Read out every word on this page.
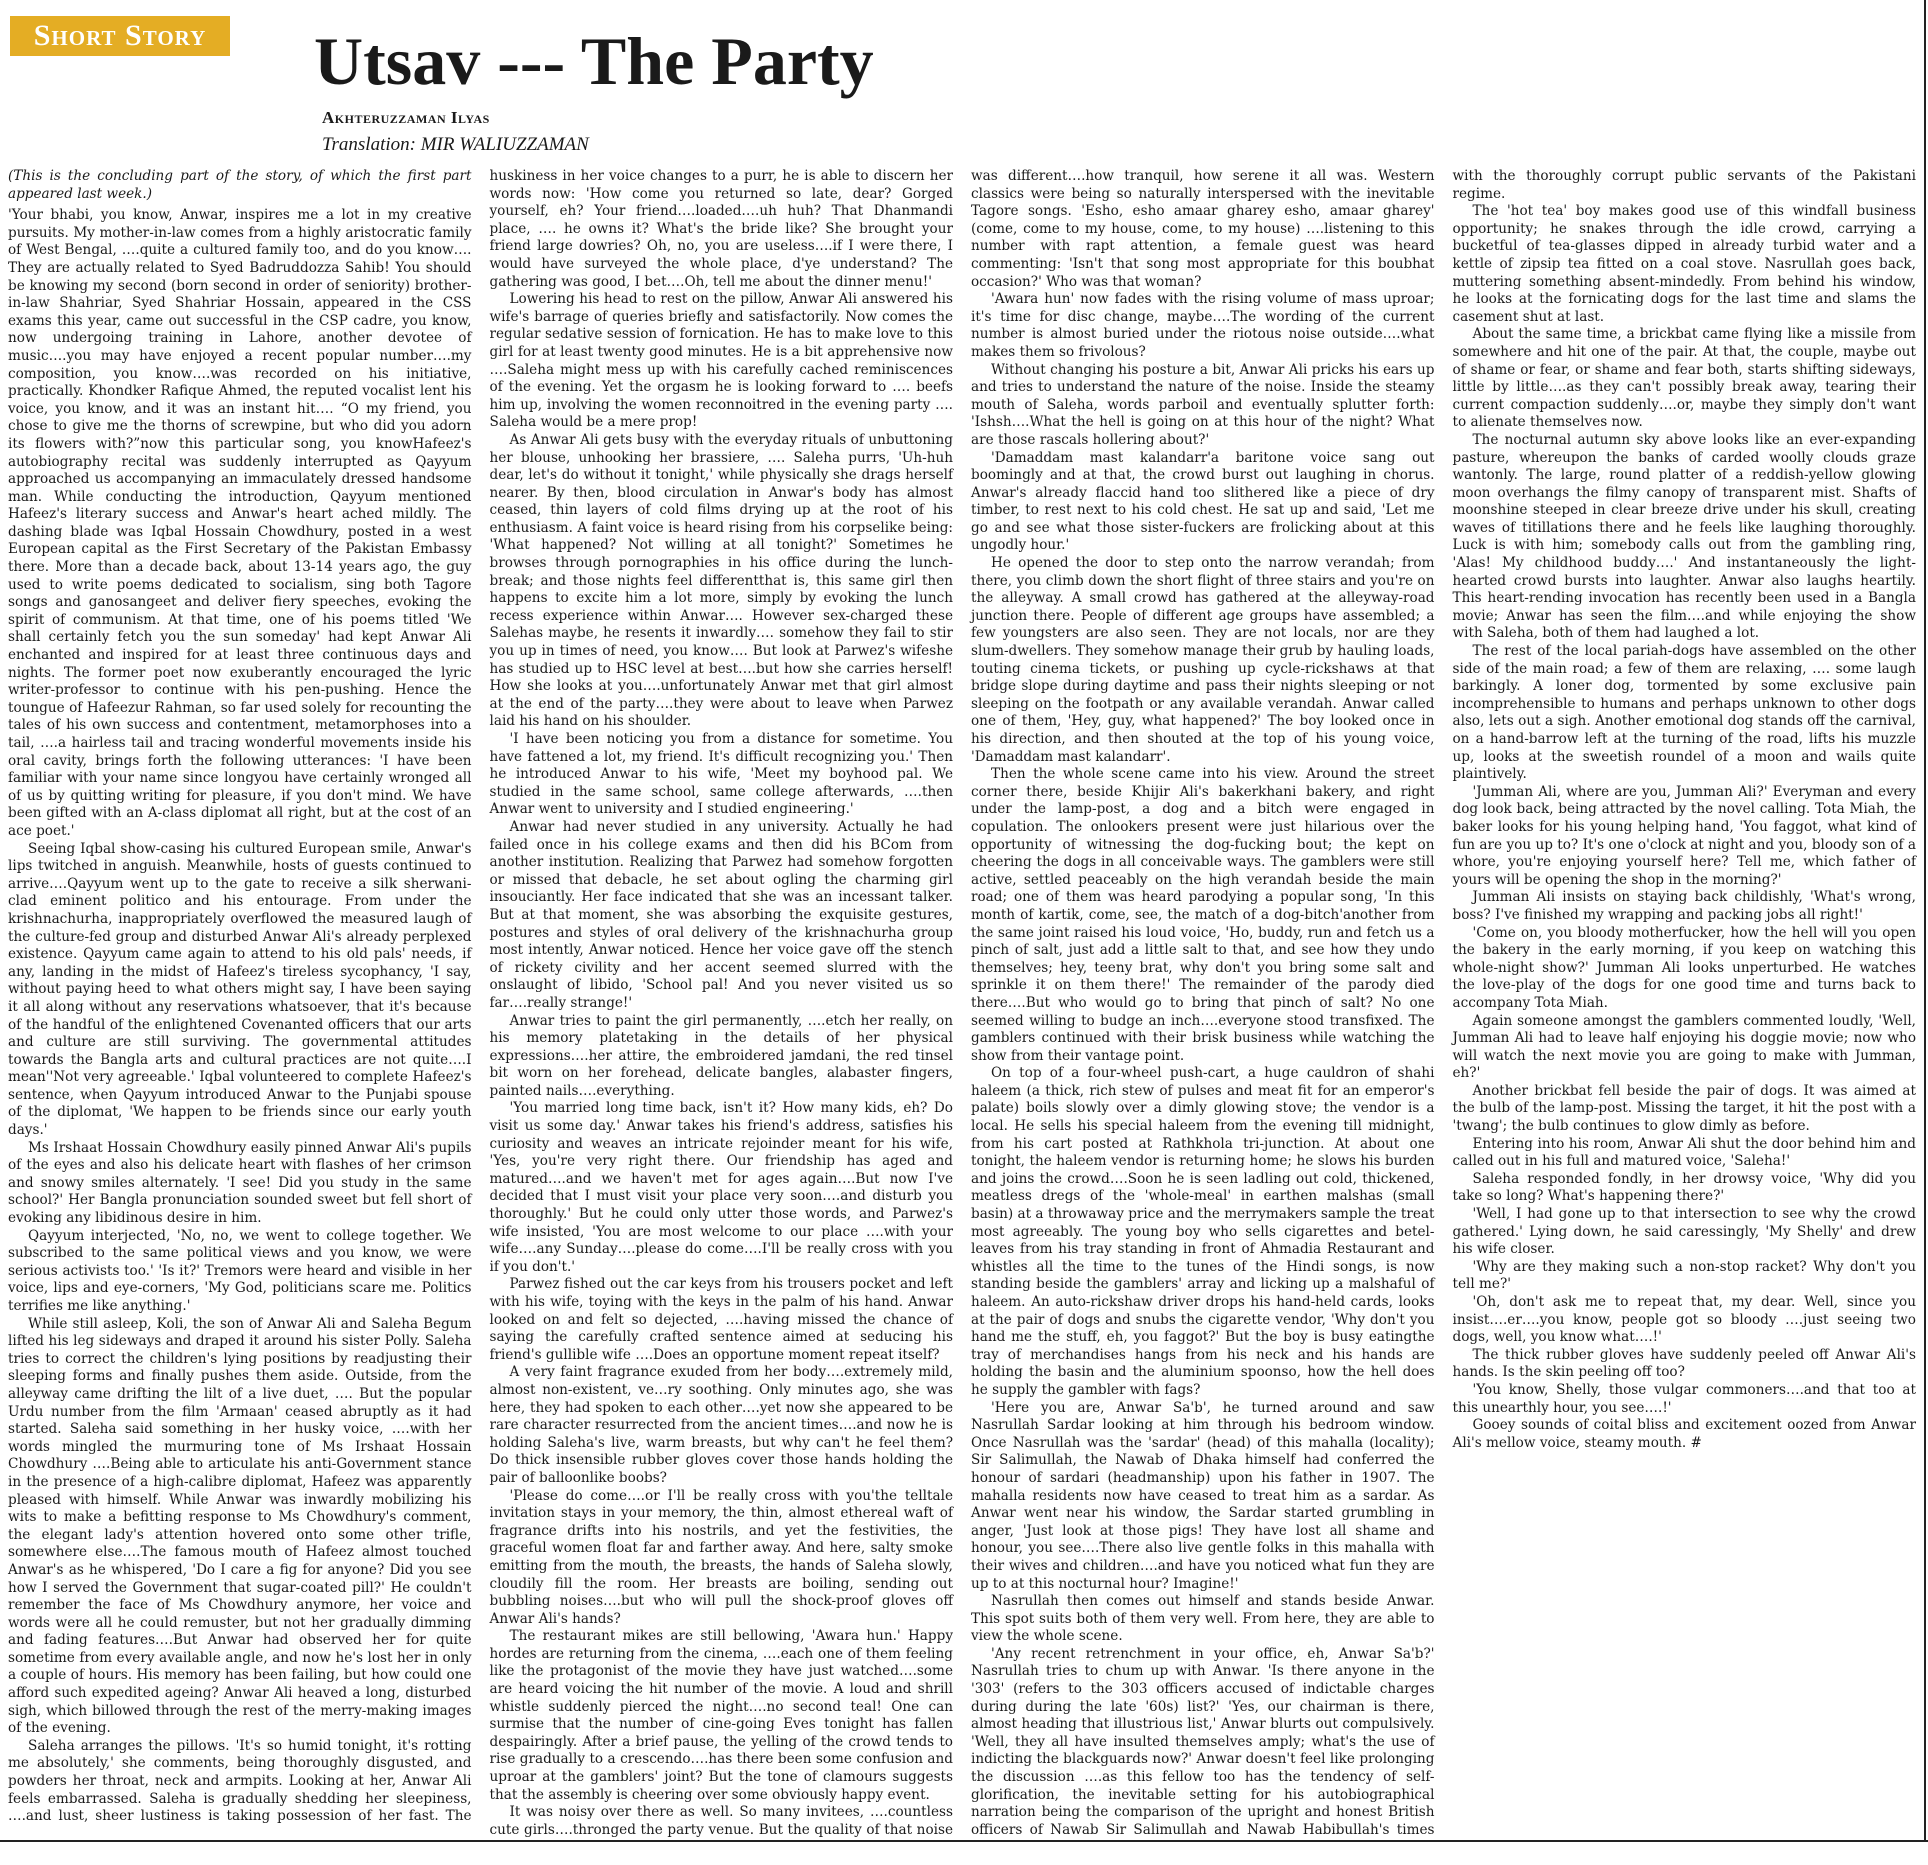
Short Story	Utsav --- The Party
Akhteruzzaman Ilyas
Translation: MIR WALIUZZAMAN

(This is the concluding part of the story, of which the first part appeared last week.)

'Your bhabi, you know, Anwar, inspires me a lot in my creative pursuits. My mother-in-law comes from a highly aristocratic family of West Bengal, ….quite a cultured family too, and do you know…. They are actually related to Syed Badruddozza Sahib! You should be knowing my second (born second in order of seniority) brother-in-law Shahriar, Syed Shahriar Hossain, appeared in the CSS exams this year, came out successful in the CSP cadre, you know, now undergoing training in Lahore, another devotee of music….you may have enjoyed a recent popular number….my composition, you know….was recorded on his initiative, practically. Khondker Rafique Ahmed, the reputed vocalist lent his voice, you know, and it was an instant hit…. “O my friend, you chose to give me the thorns of screwpine, but who did you adorn its flowers with?”now this particular song, you knowHafeez's autobiography recital was suddenly interrupted as Qayyum approached us accompanying an immaculately dressed handsome man. While conducting the introduction, Qayyum mentioned Hafeez's literary success and Anwar's heart ached mildly. The dashing blade was Iqbal Hossain Chowdhury, posted in a west European capital as the First Secretary of the Pakistan Embassy there. More than a decade back, about 13-14 years ago, the guy used to write poems dedicated to socialism, sing both Tagore songs and ganosangeet and deliver fiery speeches, evoking the spirit of communism. At that time, one of his poems titled 'We shall certainly fetch you the sun someday' had kept Anwar Ali enchanted and inspired for at least three continuous days and nights. The former poet now exuberantly encouraged the lyric writer-professor to continue with his pen-pushing. Hence the toungue of Hafeezur Rahman, so far used solely for recounting the tales of his own success and contentment, metamorphoses into a tail, ….a hairless tail and tracing wonderful movements inside his oral cavity, brings forth the following utterances: 'I have been familiar with your name since longyou have certainly wronged all of us by quitting writing for pleasure, if you don't mind. We have been gifted with an A-class diplomat all right, but at the cost of an ace poet.'

Seeing Iqbal show-casing his cultured European smile, Anwar's lips twitched in anguish. Meanwhile, hosts of guests continued to arrive….Qayyum went up to the gate to receive a silk sherwani-clad eminent politico and his entourage. From under the krishnachurha, inappropriately overflowed the measured laugh of the culture-fed group and disturbed Anwar Ali's already perplexed existence. Qayyum came again to attend to his old pals' needs, if any, landing in the midst of Hafeez's tireless sycophancy, 'I say, without paying heed to what others might say, I have been saying it all along without any reservations whatsoever, that it's because of the handful of the enlightened Covenanted officers that our arts and culture are still surviving. The governmental attitudes towards the Bangla arts and cultural practices are not quite….I mean''Not very agreeable.' Iqbal volunteered to complete Hafeez's sentence, when Qayyum introduced Anwar to the Punjabi spouse of the diplomat, 'We happen to be friends since our early youth days.'

Ms Irshaat Hossain Chowdhury easily pinned Anwar Ali's pupils of the eyes and also his delicate heart with flashes of her crimson and snowy smiles alternately. 'I see! Did you study in the same school?' Her Bangla pronunciation sounded sweet but fell short of evoking any libidinous desire in him.

Qayyum interjected, 'No, no, we went to college together. We subscribed to the same political views and you know, we were serious activists too.' 'Is it?' Tremors were heard and visible in her voice, lips and eye-corners, 'My God, politicians scare me. Politics terrifies me like anything.'

While still asleep, Koli, the son of Anwar Ali and Saleha Begum lifted his leg sideways and draped it around his sister Polly. Saleha tries to correct the children's lying positions by readjusting their sleeping forms and finally pushes them aside. Outside, from the alleyway came drifting the lilt of a live duet, …. But the popular Urdu number from the film 'Armaan' ceased abruptly as it had started. Saleha said something in her husky voice, ….with her words mingled the murmuring tone of Ms Irshaat Hossain Chowdhury ….Being able to articulate his anti-Government stance in the presence of a high-calibre diplomat, Hafeez was apparently pleased with himself. While Anwar was inwardly mobilizing his wits to make a befitting response to Ms Chowdhury's comment, the elegant lady's attention hovered onto some other trifle, somewhere else….The famous mouth of Hafeez almost touched Anwar's as he whispered, 'Do I care a fig for anyone? Did you see how I served the Government that sugar-coated pill?' He couldn't remember the face of Ms Chowdhury anymore, her voice and words were all he could remuster, but not her gradually dimming and fading features….But Anwar had observed her for quite sometime from every available angle, and now he's lost her in only a couple of hours. His memory has been failing, but how could one afford such expedited ageing? Anwar Ali heaved a long, disturbed sigh, which billowed through the rest of the merry-making images of the evening.

Saleha arranges the pillows. 'It's so humid tonight, it's rotting me absolutely,' she comments, being thoroughly disgusted, and powders her throat, neck and armpits. Looking at her, Anwar Ali feels embarrassed. Saleha is gradually shedding her sleepiness, ….and lust, sheer lustiness is taking possession of her fast. The huskiness in her voice changes to a purr, he is able to discern her words now: 'How come you returned so late, dear? Gorged yourself, eh? Your friend….loaded….uh huh? That Dhanmandi place, …. he owns it? What's the bride like? She brought your friend large dowries? Oh, no, you are useless….if I were there, I would have surveyed the whole place, d'ye understand? The gathering was good, I bet….Oh, tell me about the dinner menu!'

Lowering his head to rest on the pillow, Anwar Ali answered his wife's barrage of queries briefly and satisfactorily. Now comes the regular sedative session of fornication. He has to make love to this girl for at least twenty good minutes. He is a bit apprehensive now ….Saleha might mess up with his carefully cached reminiscences of the evening. Yet the orgasm he is looking forward to …. beefs him up, involving the women reconnoitred in the evening party …. Saleha would be a mere prop!

As Anwar Ali gets busy with the everyday rituals of unbuttoning her blouse, unhooking her brassiere, …. Saleha purrs, 'Uh-huh dear, let's do without it tonight,' while physically she drags herself nearer. By then, blood circulation in Anwar's body has almost ceased, thin layers of cold films drying up at the root of his enthusiasm. A faint voice is heard rising from his corpselike being: 'What happened? Not willing at all tonight?' Sometimes he browses through pornographies in his office during the lunch-break; and those nights feel differentthat is, this same girl then happens to excite him a lot more, simply by evoking the lunch recess experience within Anwar…. However sex-charged these Salehas maybe, he resents it inwardly…. somehow they fail to stir you up in times of need, you know…. But look at Parwez's wifeshe has studied up to HSC level at best….but how she carries herself! How she looks at you….unfortunately Anwar met that girl almost at the end of the party….they were about to leave when Parwez laid his hand on his shoulder.

'I have been noticing you from a distance for sometime. You have fattened a lot, my friend. It's difficult recognizing you.' Then he introduced Anwar to his wife, 'Meet my boyhood pal. We studied in the same school, same college afterwards, ….then Anwar went to university and I studied engineering.'

Anwar had never studied in any university. Actually he had failed once in his college exams and then did his BCom from another institution. Realizing that Parwez had somehow forgotten or missed that debacle, he set about ogling the charming girl insouciantly. Her face indicated that she was an incessant talker. But at that moment, she was absorbing the exquisite gestures, postures and styles of oral delivery of the krishnachurha group most intently, Anwar noticed. Hence her voice gave off the stench of rickety civility and her accent seemed slurred with the onslaught of libido, 'School pal! And you never visited us so far….really strange!'

Anwar tries to paint the girl permanently, ….etch her really, on his memory platetaking in the details of her physical expressions….her attire, the embroidered jamdani, the red tinsel bit worn on her forehead, delicate bangles, alabaster fingers, painted nails….everything.

'You married long time back, isn't it? How many kids, eh? Do visit us some day.' Anwar takes his friend's address, satisfies his curiosity and weaves an intricate rejoinder meant for his wife, 'Yes, you're very right there. Our friendship has aged and matured….and we haven't met for ages again….But now I've decided that I must visit your place very soon….and disturb you thoroughly.' But he could only utter those words, and Parwez's wife insisted, 'You are most welcome to our place ….with your wife….any Sunday….please do come….I'll be really cross with you if you don't.'

Parwez fished out the car keys from his trousers pocket and left with his wife, toying with the keys in the palm of his hand. Anwar looked on and felt so dejected, ….having missed the chance of saying the carefully crafted sentence aimed at seducing his friend's gullible wife ….Does an opportune moment repeat itself?

A very faint fragrance exuded from her body….extremely mild, almost non-existent, ve…ry soothing. Only minutes ago, she was here, they had spoken to each other….yet now she appeared to be rare character resurrected from the ancient times….and now he is holding Saleha's live, warm breasts, but why can't he feel them? Do thick insensible rubber gloves cover those hands holding the pair of balloonlike boobs?

'Please do come….or I'll be really cross with you'the telltale invitation stays in your memory, the thin, almost ethereal waft of fragrance drifts into his nostrils, and yet the festivities, the graceful women float far and farther away. And here, salty smoke emitting from the mouth, the breasts, the hands of Saleha slowly, cloudily fill the room. Her breasts are boiling, sending out bubbling noises….but who will pull the shock-proof gloves off Anwar Ali's hands?

The restaurant mikes are still bellowing, 'Awara hun.' Happy hordes are returning from the cinema, ….each one of them feeling like the protagonist of the movie they have just watched….some are heard voicing the hit number of the movie. A loud and shrill whistle suddenly pierced the night….no second teal! One can surmise that the number of cine-going Eves tonight has fallen despairingly. After a brief pause, the yelling of the crowd tends to rise gradually to a crescendo….has there been some confusion and uproar at the gamblers' joint? But the tone of clamours suggests that the assembly is cheering over some obviously happy event.

It was noisy over there as well. So many invitees, ….countless cute girls….thronged the party venue. But the quality of that noise was different….how tranquil, how serene it all was. Western classics were being so naturally interspersed with the inevitable Tagore songs. 'Esho, esho amaar gharey esho, amaar gharey' (come, come to my house, come, to my house) ….listening to this number with rapt attention, a female guest was heard commenting: 'Isn't that song most appropriate for this boubhat occasion?' Who was that woman?

'Awara hun' now fades with the rising volume of mass uproar; it's time for disc change, maybe….The wording of the current number is almost buried under the riotous noise outside….what makes them so frivolous?

Without changing his posture a bit, Anwar Ali pricks his ears up and tries to understand the nature of the noise. Inside the steamy mouth of Saleha, words parboil and eventually splutter forth: 'Ishsh….What the hell is going on at this hour of the night? What are those rascals hollering about?'

'Damaddam mast kalandarr'a baritone voice sang out boomingly and at that, the crowd burst out laughing in chorus. Anwar's already flaccid hand too slithered like a piece of dry timber, to rest next to his cold chest. He sat up and said, 'Let me go and see what those sister-fuckers are frolicking about at this ungodly hour.'

He opened the door to step onto the narrow verandah; from there, you climb down the short flight of three stairs and you're on the alleyway. A small crowd has gathered at the alleyway-road junction there. People of different age groups have assembled; a few youngsters are also seen. They are not locals, nor are they slum-dwellers. They somehow manage their grub by hauling loads, touting cinema tickets, or pushing up cycle-rickshaws at that bridge slope during daytime and pass their nights sleeping or not sleeping on the footpath or any available verandah. Anwar called one of them, 'Hey, guy, what happened?' The boy looked once in his direction, and then shouted at the top of his young voice, 'Damaddam mast kalandarr'.

Then the whole scene came into his view. Around the street corner there, beside Khijir Ali's bakerkhani bakery, and right under the lamp-post, a dog and a bitch were engaged in copulation. The onlookers present were just hilarious over the opportunity of witnessing the dog-fucking bout; the kept on cheering the dogs in all conceivable ways. The gamblers were still active, settled peaceably on the high verandah beside the main road; one of them was heard parodying a popular song, 'In this month of kartik, come, see, the match of a dog-bitch'another from the same joint raised his loud voice, 'Ho, buddy, run and fetch us a pinch of salt, just add a little salt to that, and see how they undo themselves; hey, teeny brat, why don't you bring some salt and sprinkle it on them there!' The remainder of the parody died there….But who would go to bring that pinch of salt? No one seemed willing to budge an inch….everyone stood transfixed. The gamblers continued with their brisk business while watching the show from their vantage point.

On top of a four-wheel push-cart, a huge cauldron of shahi haleem (a thick, rich stew of pulses and meat fit for an emperor's palate) boils slowly over a dimly glowing stove; the vendor is a local. He sells his special haleem from the evening till midnight, from his cart posted at Rathkhola tri-junction. At about one tonight, the haleem vendor is returning home; he slows his burden and joins the crowd….Soon he is seen ladling out cold, thickened, meatless dregs of the 'whole-meal' in earthen malshas (small basin) at a throwaway price and the merrymakers sample the treat most agreeably. The young boy who sells cigarettes and betel-leaves from his tray standing in front of Ahmadia Restaurant and whistles all the time to the tunes of the Hindi songs, is now standing beside the gamblers' array and licking up a malshaful of haleem. An auto-rickshaw driver drops his hand-held cards, looks at the pair of dogs and snubs the cigarette vendor, 'Why don't you hand me the stuff, eh, you faggot?' But the boy is busy eatingthe tray of merchandises hangs from his neck and his hands are holding the basin and the aluminium spoonso, how the hell does he supply the gambler with fags?

'Here you are, Anwar Sa'b', he turned around and saw Nasrullah Sardar looking at him through his bedroom window. Once Nasrullah was the 'sardar' (head) of this mahalla (locality); Sir Salimullah, the Nawab of Dhaka himself had conferred the honour of sardari (headmanship) upon his father in 1907. The mahalla residents now have ceased to treat him as a sardar. As Anwar went near his window, the Sardar started grumbling in anger, 'Just look at those pigs! They have lost all shame and honour, you see….There also live gentle folks in this mahalla with their wives and children….and have you noticed what fun they are up to at this nocturnal hour? Imagine!'

Nasrullah then comes out himself and stands beside Anwar. This spot suits both of them very well. From here, they are able to view the whole scene.

'Any recent retrenchment in your office, eh, Anwar Sa'b?' Nasrullah tries to chum up with Anwar. 'Is there anyone in the '303' (refers to the 303 officers accused of indictable charges during during the late '60s) list?' 'Yes, our chairman is there, almost heading that illustrious list,' Anwar blurts out compulsively. 'Well, they all have insulted themselves amply; what's the use of indicting the blackguards now?' Anwar doesn't feel like prolonging the discussion ….as this fellow too has the tendency of self-glorification, the inevitable setting for his autobiographical narration being the comparison of the upright and honest British officers of Nawab Sir Salimullah and Nawab Habibullah's times with the thoroughly corrupt public servants of the Pakistani regime.

The 'hot tea' boy makes good use of this windfall business opportunity; he snakes through the idle crowd, carrying a bucketful of tea-glasses dipped in already turbid water and a kettle of zipsip tea fitted on a coal stove. Nasrullah goes back, muttering something absent-mindedly. From behind his window, he looks at the fornicating dogs for the last time and slams the casement shut at last.

About the same time, a brickbat came flying like a missile from somewhere and hit one of the pair. At that, the couple, maybe out of shame or fear, or shame and fear both, starts shifting sideways, little by little….as they can't possibly break away, tearing their current compaction suddenly….or, maybe they simply don't want to alienate themselves now.

The nocturnal autumn sky above looks like an ever-expanding pasture, whereupon the banks of carded woolly clouds graze wantonly. The large, round platter of a reddish-yellow glowing moon overhangs the filmy canopy of transparent mist. Shafts of moonshine steeped in clear breeze drive under his skull, creating waves of titillations there and he feels like laughing thoroughly. Luck is with him; somebody calls out from the gambling ring, 'Alas! My childhood buddy….' And instantaneously the light-hearted crowd bursts into laughter. Anwar also laughs heartily. This heart-rending invocation has recently been used in a Bangla movie; Anwar has seen the film….and while enjoying the show with Saleha, both of them had laughed a lot.

The rest of the local pariah-dogs have assembled on the other side of the main road; a few of them are relaxing, …. some laugh barkingly. A loner dog, tormented by some exclusive pain incomprehensible to humans and perhaps unknown to other dogs also, lets out a sigh. Another emotional dog stands off the carnival, on a hand-barrow left at the turning of the road, lifts his muzzle up, looks at the sweetish roundel of a moon and wails quite plaintively.

'Jumman Ali, where are you, Jumman Ali?' Everyman and every dog look back, being attracted by the novel calling. Tota Miah, the baker looks for his young helping hand, 'You faggot, what kind of fun are you up to? It's one o'clock at night and you, bloody son of a whore, you're enjoying yourself here? Tell me, which father of yours will be opening the shop in the morning?'

Jumman Ali insists on staying back childishly, 'What's wrong, boss? I've finished my wrapping and packing jobs all right!'

'Come on, you bloody motherfucker, how the hell will you open the bakery in the early morning, if you keep on watching this whole-night show?' Jumman Ali looks unperturbed. He watches the love-play of the dogs for one good time and turns back to accompany Tota Miah.

Again someone amongst the gamblers commented loudly, 'Well, Jumman Ali had to leave half enjoying his doggie movie; now who will watch the next movie you are going to make with Jumman, eh?'

Another brickbat fell beside the pair of dogs. It was aimed at the bulb of the lamp-post. Missing the target, it hit the post with a 'twang'; the bulb continues to glow dimly as before.

Entering into his room, Anwar Ali shut the door behind him and called out in his full and matured voice, 'Saleha!'

Saleha responded fondly, in her drowsy voice, 'Why did you take so long? What's happening there?'

'Well, I had gone up to that intersection to see why the crowd gathered.' Lying down, he said caressingly, 'My Shelly' and drew his wife closer.

'Why are they making such a non-stop racket? Why don't you tell me?'

'Oh, don't ask me to repeat that, my dear. Well, since you insist….er….you know, people got so bloody ….just seeing two dogs, well, you know what….!'

The thick rubber gloves have suddenly peeled off Anwar Ali's hands. Is the skin peeling off too?

'You know, Shelly, those vulgar commoners….and that too at this unearthly hour, you see….!'

Gooey sounds of coital bliss and excitement oozed from Anwar Ali's mellow voice, steamy mouth. #
